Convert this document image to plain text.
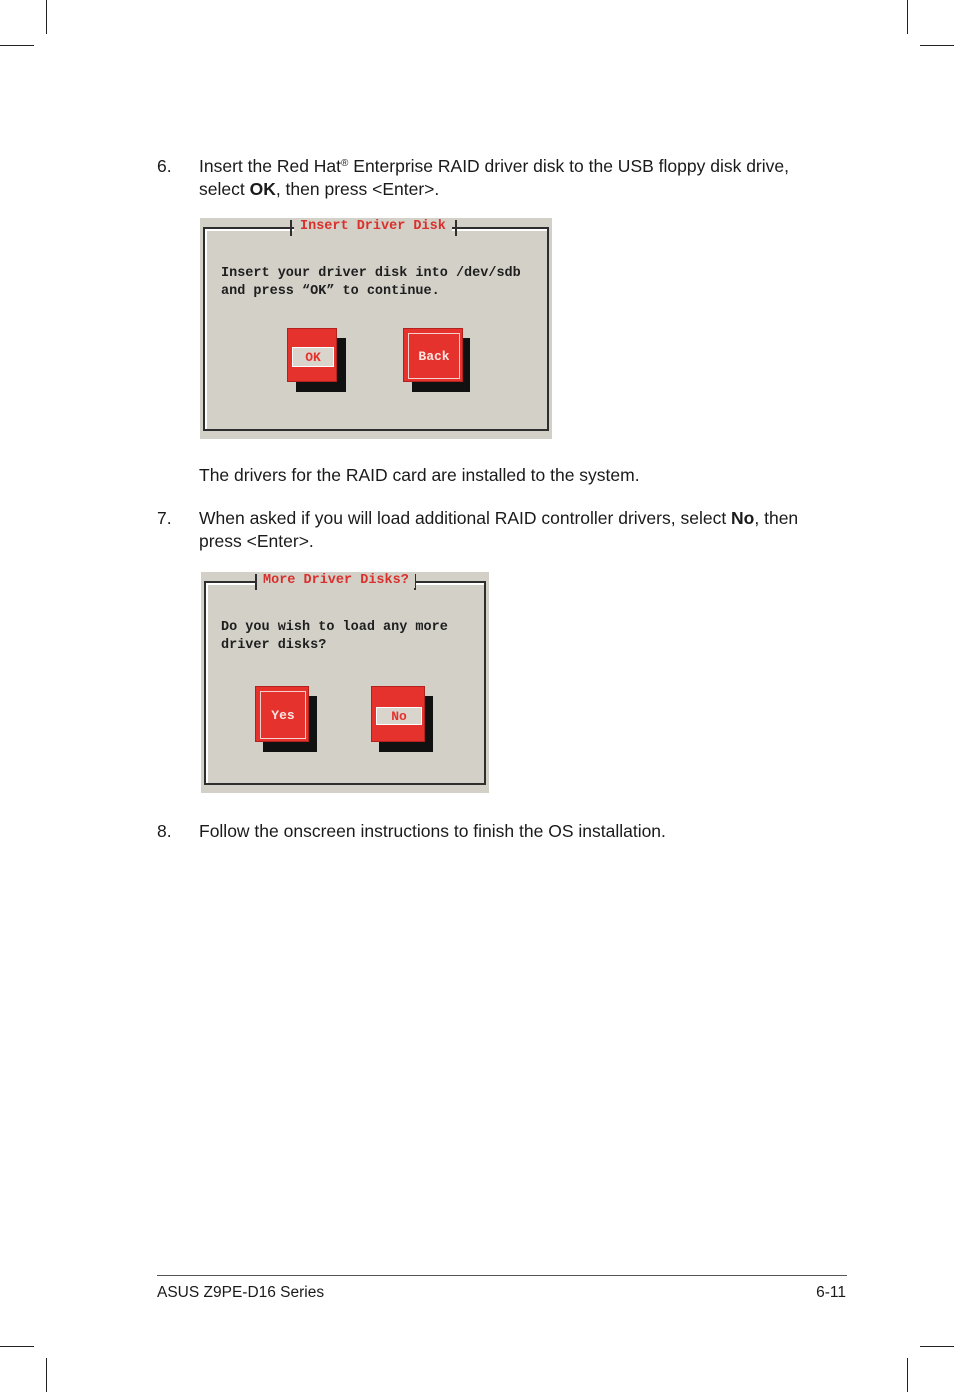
6. Insert the Red Hat® Enterprise RAID driver disk to the USB floppy disk drive,
select OK, then press <Enter>.
Insert Driver Disk
Insert your driver disk into /dev/sdb
and press “OK” to continue.
OK	Back
The drivers for the RAID card are installed to the system.
7. When asked if you will load additional RAID controller drivers, select No, then
press <Enter>.
More Driver Disks?
Do you wish to load any more
driver disks?
Yes	No
8. Follow the onscreen instructions to finish the OS installation.
ASUS Z9PE-D16 Series	6-11
